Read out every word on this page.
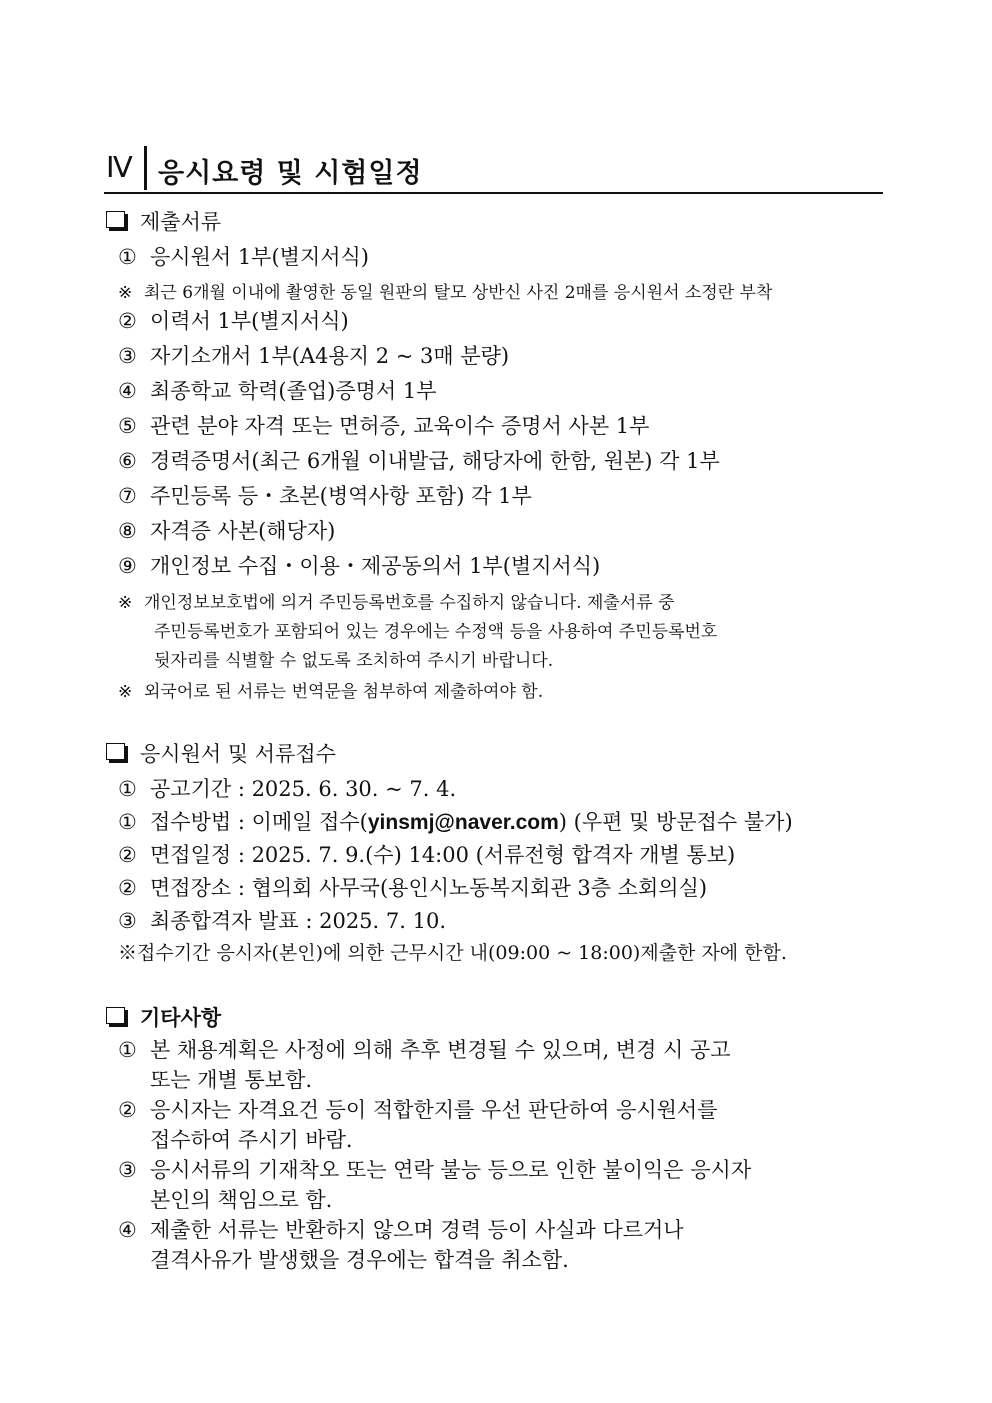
Ⅳ 응시요령 및 시험일정
제출서류
① 응시원서 1부(별지서식)
※ 최근 6개월 이내에 촬영한 동일 원판의 탈모 상반신 사진 2매를 응시원서 소정란 부착
② 이력서 1부(별지서식)
③ 자기소개서 1부(A4용지 2 ~ 3매 분량)
④ 최종학교 학력(졸업)증명서 1부
⑤ 관련 분야 자격 또는 면허증, 교육이수 증명서 사본 1부
⑥ 경력증명서(최근 6개월 이내발급, 해당자에 한함, 원본) 각 1부
⑦ 주민등록 등・초본(병역사항 포함) 각 1부
⑧ 자격증 사본(해당자)
⑨ 개인정보 수집・이용・제공동의서 1부(별지서식)
※ 개인정보보호법에 의거 주민등록번호를 수집하지 않습니다. 제출서류 중
주민등록번호가 포함되어 있는 경우에는 수정액 등을 사용하여 주민등록번호
뒷자리를 식별할 수 없도록 조치하여 주시기 바랍니다.
※ 외국어로 된 서류는 번역문을 첨부하여 제출하여야 함.
응시원서 및 서류접수
① 공고기간 : 2025. 6. 30. ~ 7. 4.
① 접수방법 : 이메일 접수(yinsmj@naver.com) (우편 및 방문접수 불가)
② 면접일정 : 2025. 7. 9.(수) 14:00 (서류전형 합격자 개별 통보)
② 면접장소 : 협의회 사무국(용인시노동복지회관 3층 소회의실)
③ 최종합격자 발표 : 2025. 7. 10.
※접수기간 응시자(본인)에 의한 근무시간 내(09:00 ~ 18:00)제출한 자에 한함.
기타사항
① 본 채용계획은 사정에 의해 추후 변경될 수 있으며, 변경 시 공고
또는 개별 통보함.
② 응시자는 자격요건 등이 적합한지를 우선 판단하여 응시원서를
접수하여 주시기 바람.
③ 응시서류의 기재착오 또는 연락 불능 등으로 인한 불이익은 응시자
본인의 책임으로 함.
④ 제출한 서류는 반환하지 않으며 경력 등이 사실과 다르거나
결격사유가 발생했을 경우에는 합격을 취소함.
